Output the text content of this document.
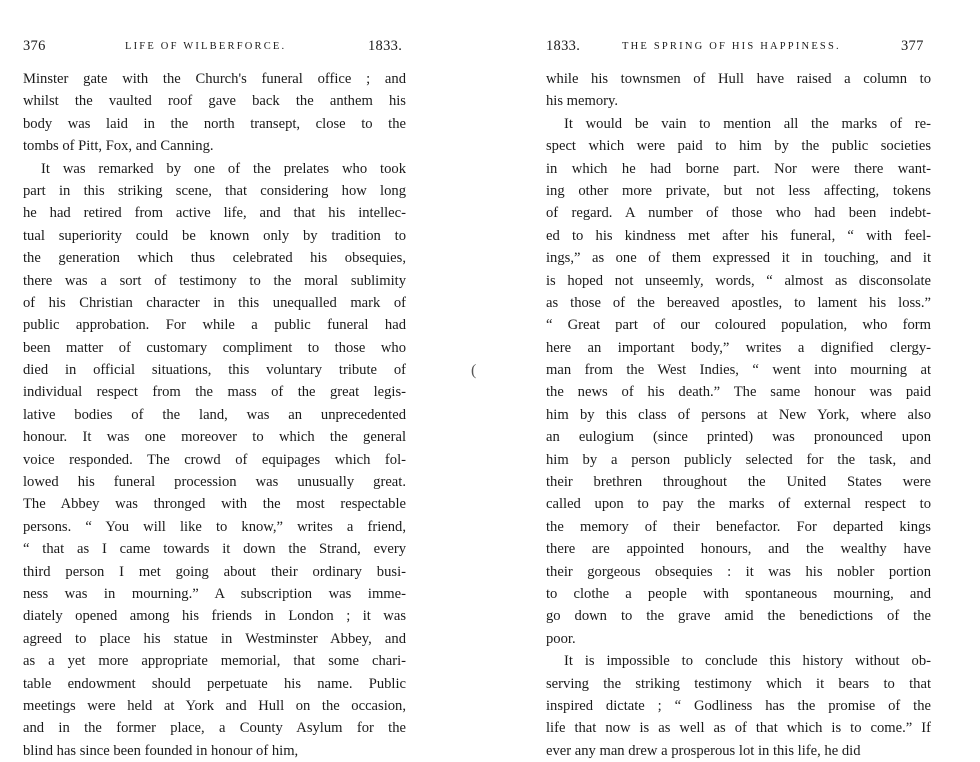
376	LIFE OF WILBERFORCE.	1833.
Minster gate with the Church's funeral office ; and
whilst the vaulted roof gave back the anthem his
body was laid in the north transept, close to the
tombs of Pitt, Fox, and Canning.
It was remarked by one of the prelates who took
part in this striking scene, that considering how long
he had retired from active life, and that his intellec-
tual superiority could be known only by tradition to
the generation which thus celebrated his obsequies,
there was a sort of testimony to the moral sublimity
of his Christian character in this unequalled mark of
public approbation. For while a public funeral had
been matter of customary compliment to those who
died in official situations, this voluntary tribute of
individual respect from the mass of the great legis-
lative bodies of the land, was an unprecedented
honour. It was one moreover to which the general
voice responded. The crowd of equipages which fol-
lowed his funeral procession was unusually great.
The Abbey was thronged with the most respectable
persons. “ You will like to know,” writes a friend,
“ that as I came towards it down the Strand, every
third person I met going about their ordinary busi-
ness was in mourning.” A subscription was imme-
diately opened among his friends in London ; it was
agreed to place his statue in Westminster Abbey, and
as a yet more appropriate memorial, that some chari-
table endowment should perpetuate his name. Public
meetings were held at York and Hull on the occasion,
and in the former place, a County Asylum for the
blind has since been founded in honour of him,
(
1833.	THE SPRING OF HIS HAPPINESS.	377
while his townsmen of Hull have raised a column to
his memory.
It would be vain to mention all the marks of re-
spect which were paid to him by the public societies
in which he had borne part. Nor were there want-
ing other more private, but not less affecting, tokens
of regard. A number of those who had been indebt-
ed to his kindness met after his funeral, “ with feel-
ings,” as one of them expressed it in touching, and it
is hoped not unseemly, words, “ almost as disconsolate
as those of the bereaved apostles, to lament his loss.”
“ Great part of our coloured population, who form
here an important body,” writes a dignified clergy-
man from the West Indies, “ went into mourning at
the news of his death.” The same honour was paid
him by this class of persons at New York, where also
an eulogium (since printed) was pronounced upon
him by a person publicly selected for the task, and
their brethren throughout the United States were
called upon to pay the marks of external respect to
the memory of their benefactor. For departed kings
there are appointed honours, and the wealthy have
their gorgeous obsequies : it was his nobler portion
to clothe a people with spontaneous mourning, and
go down to the grave amid the benedictions of the
poor.
It is impossible to conclude this history without ob-
serving the striking testimony which it bears to that
inspired dictate ; “ Godliness has the promise of the
life that now is as well as of that which is to come.” If
ever any man drew a prosperous lot in this life, he did
